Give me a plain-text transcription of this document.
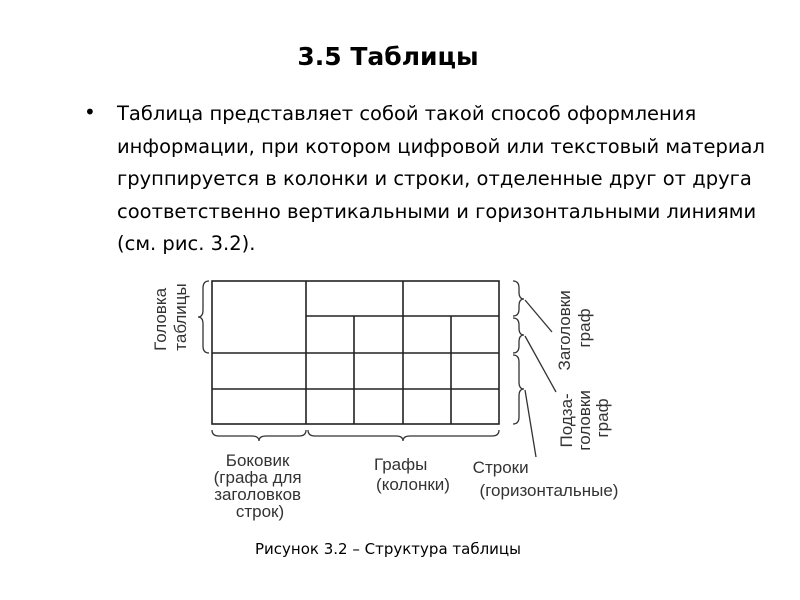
3.5 Таблицы
• Таблица представляет собой такой способ оформления информации, при котором цифровой или текстовый материал группируется в колонки и строки, отделенные друг от друга соответственно вертикальными и горизонтальными линиями (см. рис. 3.2).
Головка таблицы	Заголовки граф
Подза- головки граф
Боковик (графа для заголовков строк)
Графы (колонки)
Строки (горизонтальные)
Рисунок 3.2 – Структура таблицы
